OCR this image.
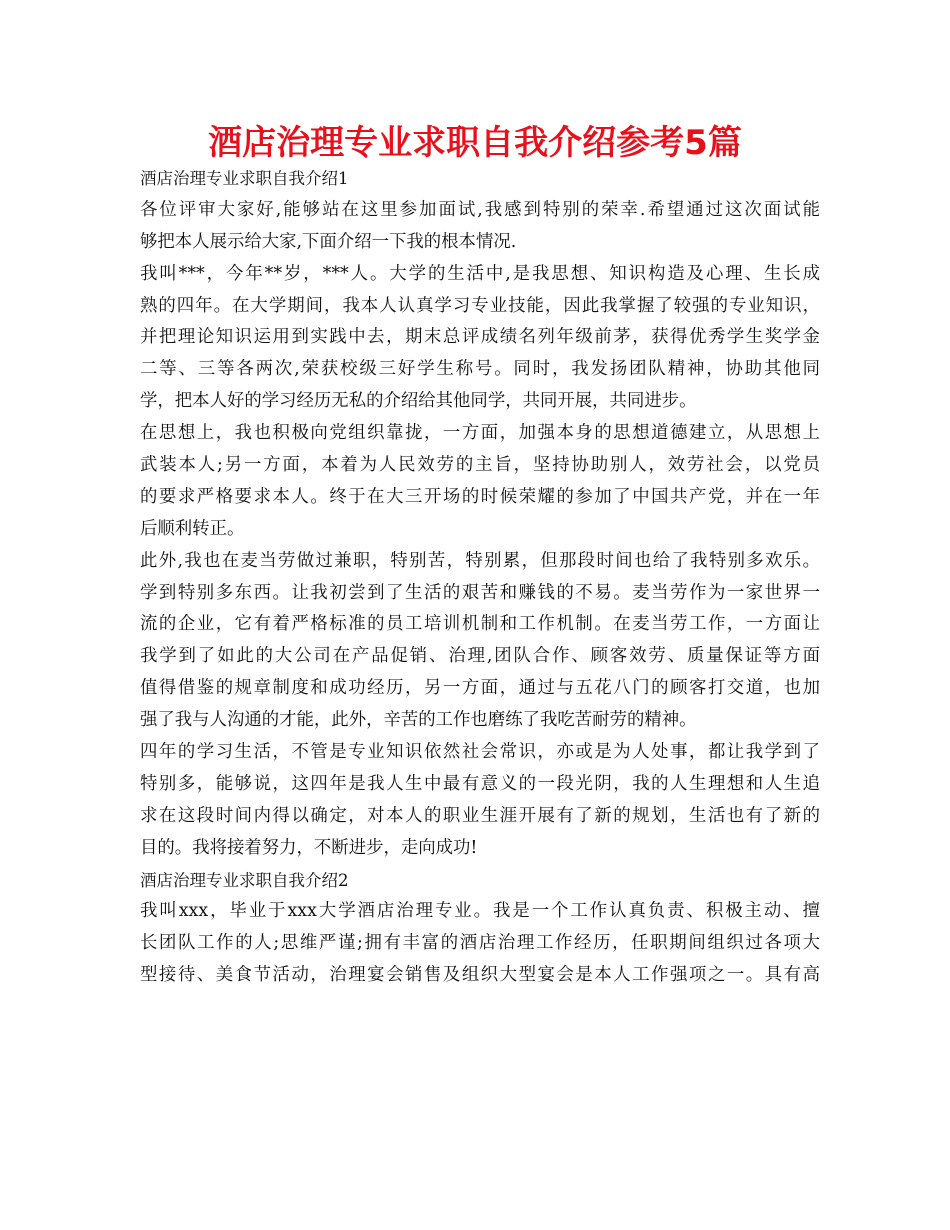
酒店治理专业求职自我介绍参考5篇
酒店治理专业求职自我介绍1
各位评审大家好,能够站在这里参加面试,我感到特别的荣幸.希望通过这次面试能
够把本人展示给大家,下面介绍一下我的根本情况.
我叫***，今年**岁，***人。大学的生活中,是我思想、知识构造及心理、生长成
熟的四年。在大学期间，我本人认真学习专业技能，因此我掌握了较强的专业知识，
并把理论知识运用到实践中去，期末总评成绩名列年级前茅，获得优秀学生奖学金
二等、三等各两次,荣获校级三好学生称号。同时，我发扬团队精神，协助其他同
学，把本人好的学习经历无私的介绍给其他同学，共同开展，共同进步。
在思想上，我也积极向党组织靠拢，一方面，加强本身的思想道德建立，从思想上
武装本人;另一方面，本着为人民效劳的主旨，坚持协助别人，效劳社会，以党员
的要求严格要求本人。终于在大三开场的时候荣耀的参加了中国共产党，并在一年
后顺利转正。
此外,我也在麦当劳做过兼职，特别苦，特别累，但那段时间也给了我特别多欢乐。
学到特别多东西。让我初尝到了生活的艰苦和赚钱的不易。麦当劳作为一家世界一
流的企业，它有着严格标准的员工培训机制和工作机制。在麦当劳工作，一方面让
我学到了如此的大公司在产品促销、治理,团队合作、顾客效劳、质量保证等方面
值得借鉴的规章制度和成功经历，另一方面，通过与五花八门的顾客打交道，也加
强了我与人沟通的才能，此外，辛苦的工作也磨练了我吃苦耐劳的精神。
四年的学习生活，不管是专业知识依然社会常识，亦或是为人处事，都让我学到了
特别多，能够说，这四年是我人生中最有意义的一段光阴，我的人生理想和人生追
求在这段时间内得以确定，对本人的职业生涯开展有了新的规划，生活也有了新的
目的。我将接着努力，不断进步，走向成功!
酒店治理专业求职自我介绍2
我叫xxx，毕业于xxx大学酒店治理专业。我是一个工作认真负责、积极主动、擅
长团队工作的人;思维严谨;拥有丰富的酒店治理工作经历，任职期间组织过各项大
型接待、美食节活动，治理宴会销售及组织大型宴会是本人工作强项之一。具有高
